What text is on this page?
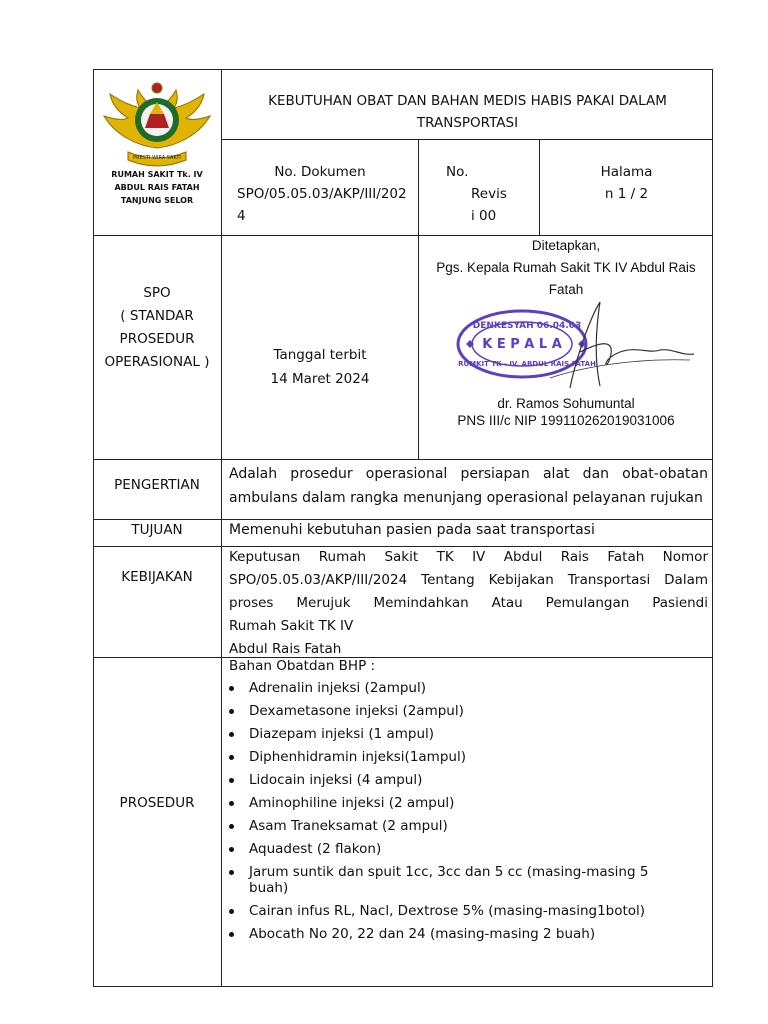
PRESTI WIRA SAKTI
RUMAH SAKIT Tk. IV
ABDUL RAIS FATAH
TANJUNG SELOR
KEBUTUHAN OBAT DAN BAHAN MEDIS HABIS PAKAI DALAM
TRANSPORTASI
No. Dokumen
SPO/05.05.03/AKP/III/202
4
No.
Revis
i 00
Halama
n 1 / 2
SPO
( STANDAR
PROSEDUR
OPERASIONAL )	Tanggal terbit
14 Maret 2024
Ditetapkan,
Pgs. Kepala Rumah Sakit TK IV Abdul Rais
Fatah
DENKESYAH 06.04.03
K E P A L A
RUMKIT TK - IV. ABDUL RAIS FATAH
dr. Ramos Sohumuntal
PNS III/c NIP 199110262019031006
PENGERTIAN
Adalah prosedur operasional persiapan alat dan obat-obatan
ambulans dalam rangka menunjang operasional pelayanan rujukan
TUJUAN	Memenuhi kebutuhan pasien pada saat transportasi
KEBIJAKAN
Keputusan Rumah Sakit TK IV Abdul Rais Fatah Nomor
SPO/05.05.03/AKP/III/2024 Tentang Kebijakan Transportasi Dalam
proses Merujuk Memindahkan Atau Pemulangan Pasiendi
Rumah Sakit TK IV
Abdul Rais Fatah
PROSEDUR
Bahan Obatdan BHP :
Adrenalin injeksi (2ampul)
Dexametasone injeksi (2ampul)
Diazepam injeksi (1 ampul)
Diphenhidramin injeksi(1ampul)
Lidocain injeksi (4 ampul)
Aminophiline injeksi (2 ampul)
Asam Traneksamat (2 ampul)
Aquadest (2 flakon)
Jarum suntik dan spuit 1cc, 3cc dan 5 cc (masing-masing 5 buah)
Cairan infus RL, Nacl, Dextrose 5% (masing-masing1botol)
Abocath No 20, 22 dan 24 (masing-masing 2 buah)
